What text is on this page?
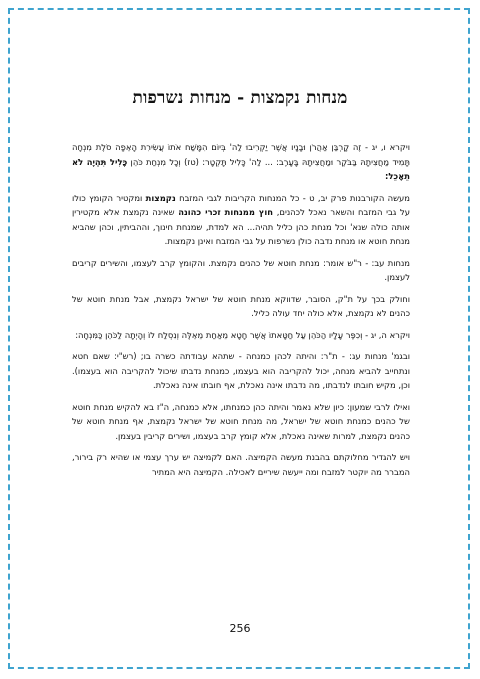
מנחות נקמצות - מנחות נשרפות

ויקרא ו, יג - זֶה קָרְבַּן אַהֲרֹן וּבָנָיו אֲשֶׁר יַקְרִיבוּ לַה' בְּיוֹם הִמָּשַׁח אֹתוֹ עֲשִׂירִת הָאֵפָה סֹלֶת מִנְחָה תָּמִיד מַחֲצִיתָהּ בַּבֹּקֶר וּמַחֲצִיתָהּ בָּעָרֶב: ... לַה' כָּלִיל תָּקְטָר: (טז) וְכָל מִנְחַת כֹּהֵן כָּלִיל תִּהְיֶה לֹא תֵאָכֵל:

מעשה הקורבנות פרק יב, ט - כל המנחות הקריבות לגבי המזבח נקמצות ומקטיר הקומץ כולו על גבי המזבח והשאר נאכל לכהנים, חוץ ממנחות זכרי כהונה שאינה נקמצת אלא מקטירין אותה כולה שנא' וכל מנחת כהן כליל תהיה... הא למדת, שמנחת חינוך, וההביתין, וכהן שהביא מנחת חוטא או מנחת נדבה כולן נשרפות על גבי המזבח ואינן נקמצות.

מנחות עב: - ר"ש אומר: מנחת חוטא של כהנים נקמצת. והקומץ קרב לעצמו, והשירים קריבים לעצמן.

וחולק בכך על ת"ק, הסובר, שדווקא מנחת חוטא של ישראל נקמצת, אבל מנחת חוטא של כהנים לא נקמצת, אלא כולה יחד עולה כליל.

ויקרא ה, יג - וְכִפֶּר עָלָיו הַכֹּהֵן עַל חַטָּאתוֹ אֲשֶׁר חָטָא מֵאַחַת מֵאֵלֶּה וְנִסְלַח לוֹ וְהָיְתָה לַכֹּהֵן כַּמִּנְחָה:

ובגמ' מנחות עג: - ת"ר: והיתה לכהן כמנחה - שתהא עבודתה כשרה בו; (רש"י: שאם חטא ונתחייב להביא מנחה, יכול להקריבה הוא בעצמו, כמנחת נדבתו שיכול להקריבה הוא בעצמו). וכן, מקיש חובתו לנדבתו, מה נדבתו אינה נאכלת, אף חובתו אינה נאכלת.

ואילו לרבי שמעון: כיון שלא נאמר והיתה כהן כמנחתו, אלא כמנחה, ה"ז בא להקיש מנחת חוטא של כהנים כמנחת חוטא של ישראל, מה מנחת חוטא של ישראל נקמצת, אף מנחת חוטא של כהנים נקמצת, למרות שאינה נאכלת, אלא קומץ קרב בעצמו, ושירים קריבין בעצמן.

ויש להגדיר מחלוקתם בהבנת מעשה הקמיצה. האם לקמיצה יש ערך עצמי או שהיא רק בירור, המברר מה יוקטר למזבח ומה ייעשה שיריים לאכילה. הקמיצה היא המתיר

256
